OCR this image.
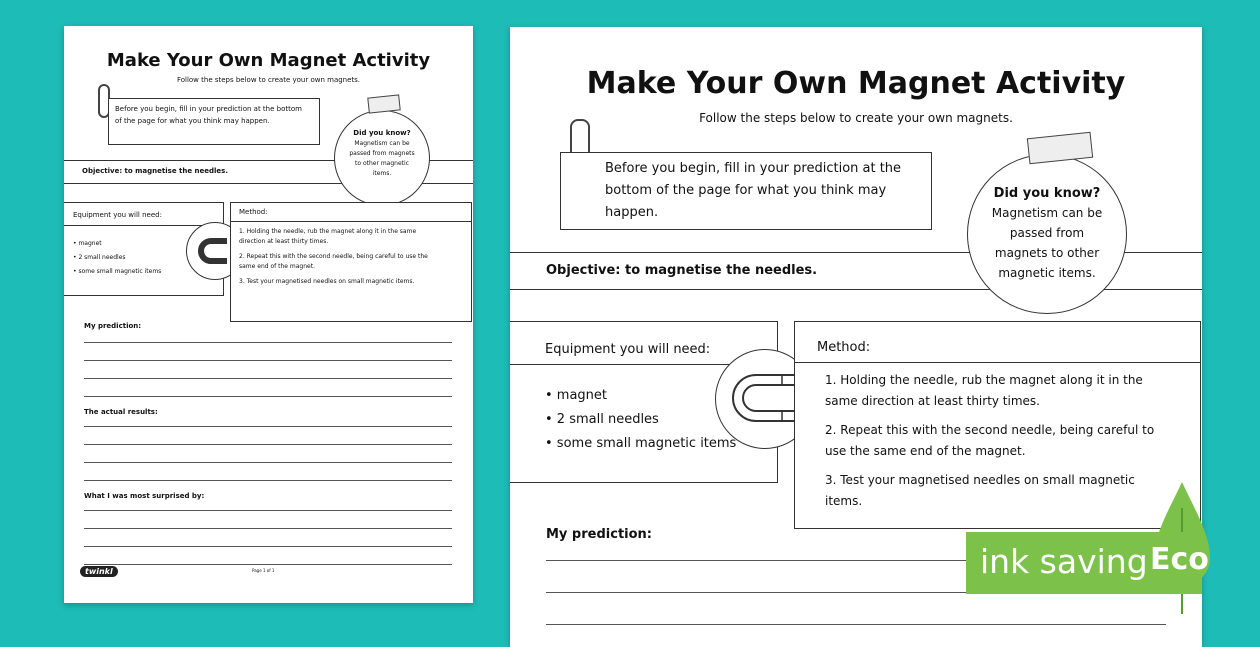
Make Your Own Magnet Activity
Follow the steps below to create your own magnets.
Before you begin, fill in your prediction at the bottom of the page for what you think may happen.
Objective: to magnetise the needles.
Did you know?
Magnetism can be passed from magnets to other magnetic items.
Equipment you will need:
• magnet
• 2 small needles
• some small magnetic items
Method:
1. Holding the needle, rub the magnet along it in the same direction at least thirty times.
2. Repeat this with the second needle, being careful to use the same end of the magnet.
3. Test your magnetised needles on small magnetic items.
My prediction:
The actual results:
What I was most surprised by:
twinkl	Page 1 of 1
Make Your Own Magnet Activity
Follow the steps below to create your own magnets.
Before you begin, fill in your prediction at the bottom of the page for what you think may happen.
Objective: to magnetise the needles.
Did you know?
Magnetism can be passed from magnets to other magnetic items.
Equipment you will need:
• magnet
• 2 small needles
• some small magnetic items
Method:
1. Holding the needle, rub the magnet along it in the same direction at least thirty times.
2. Repeat this with the second needle, being careful to use the same end of the magnet.
3. Test your magnetised needles on small magnetic items.
My prediction:
ink saving Eco
